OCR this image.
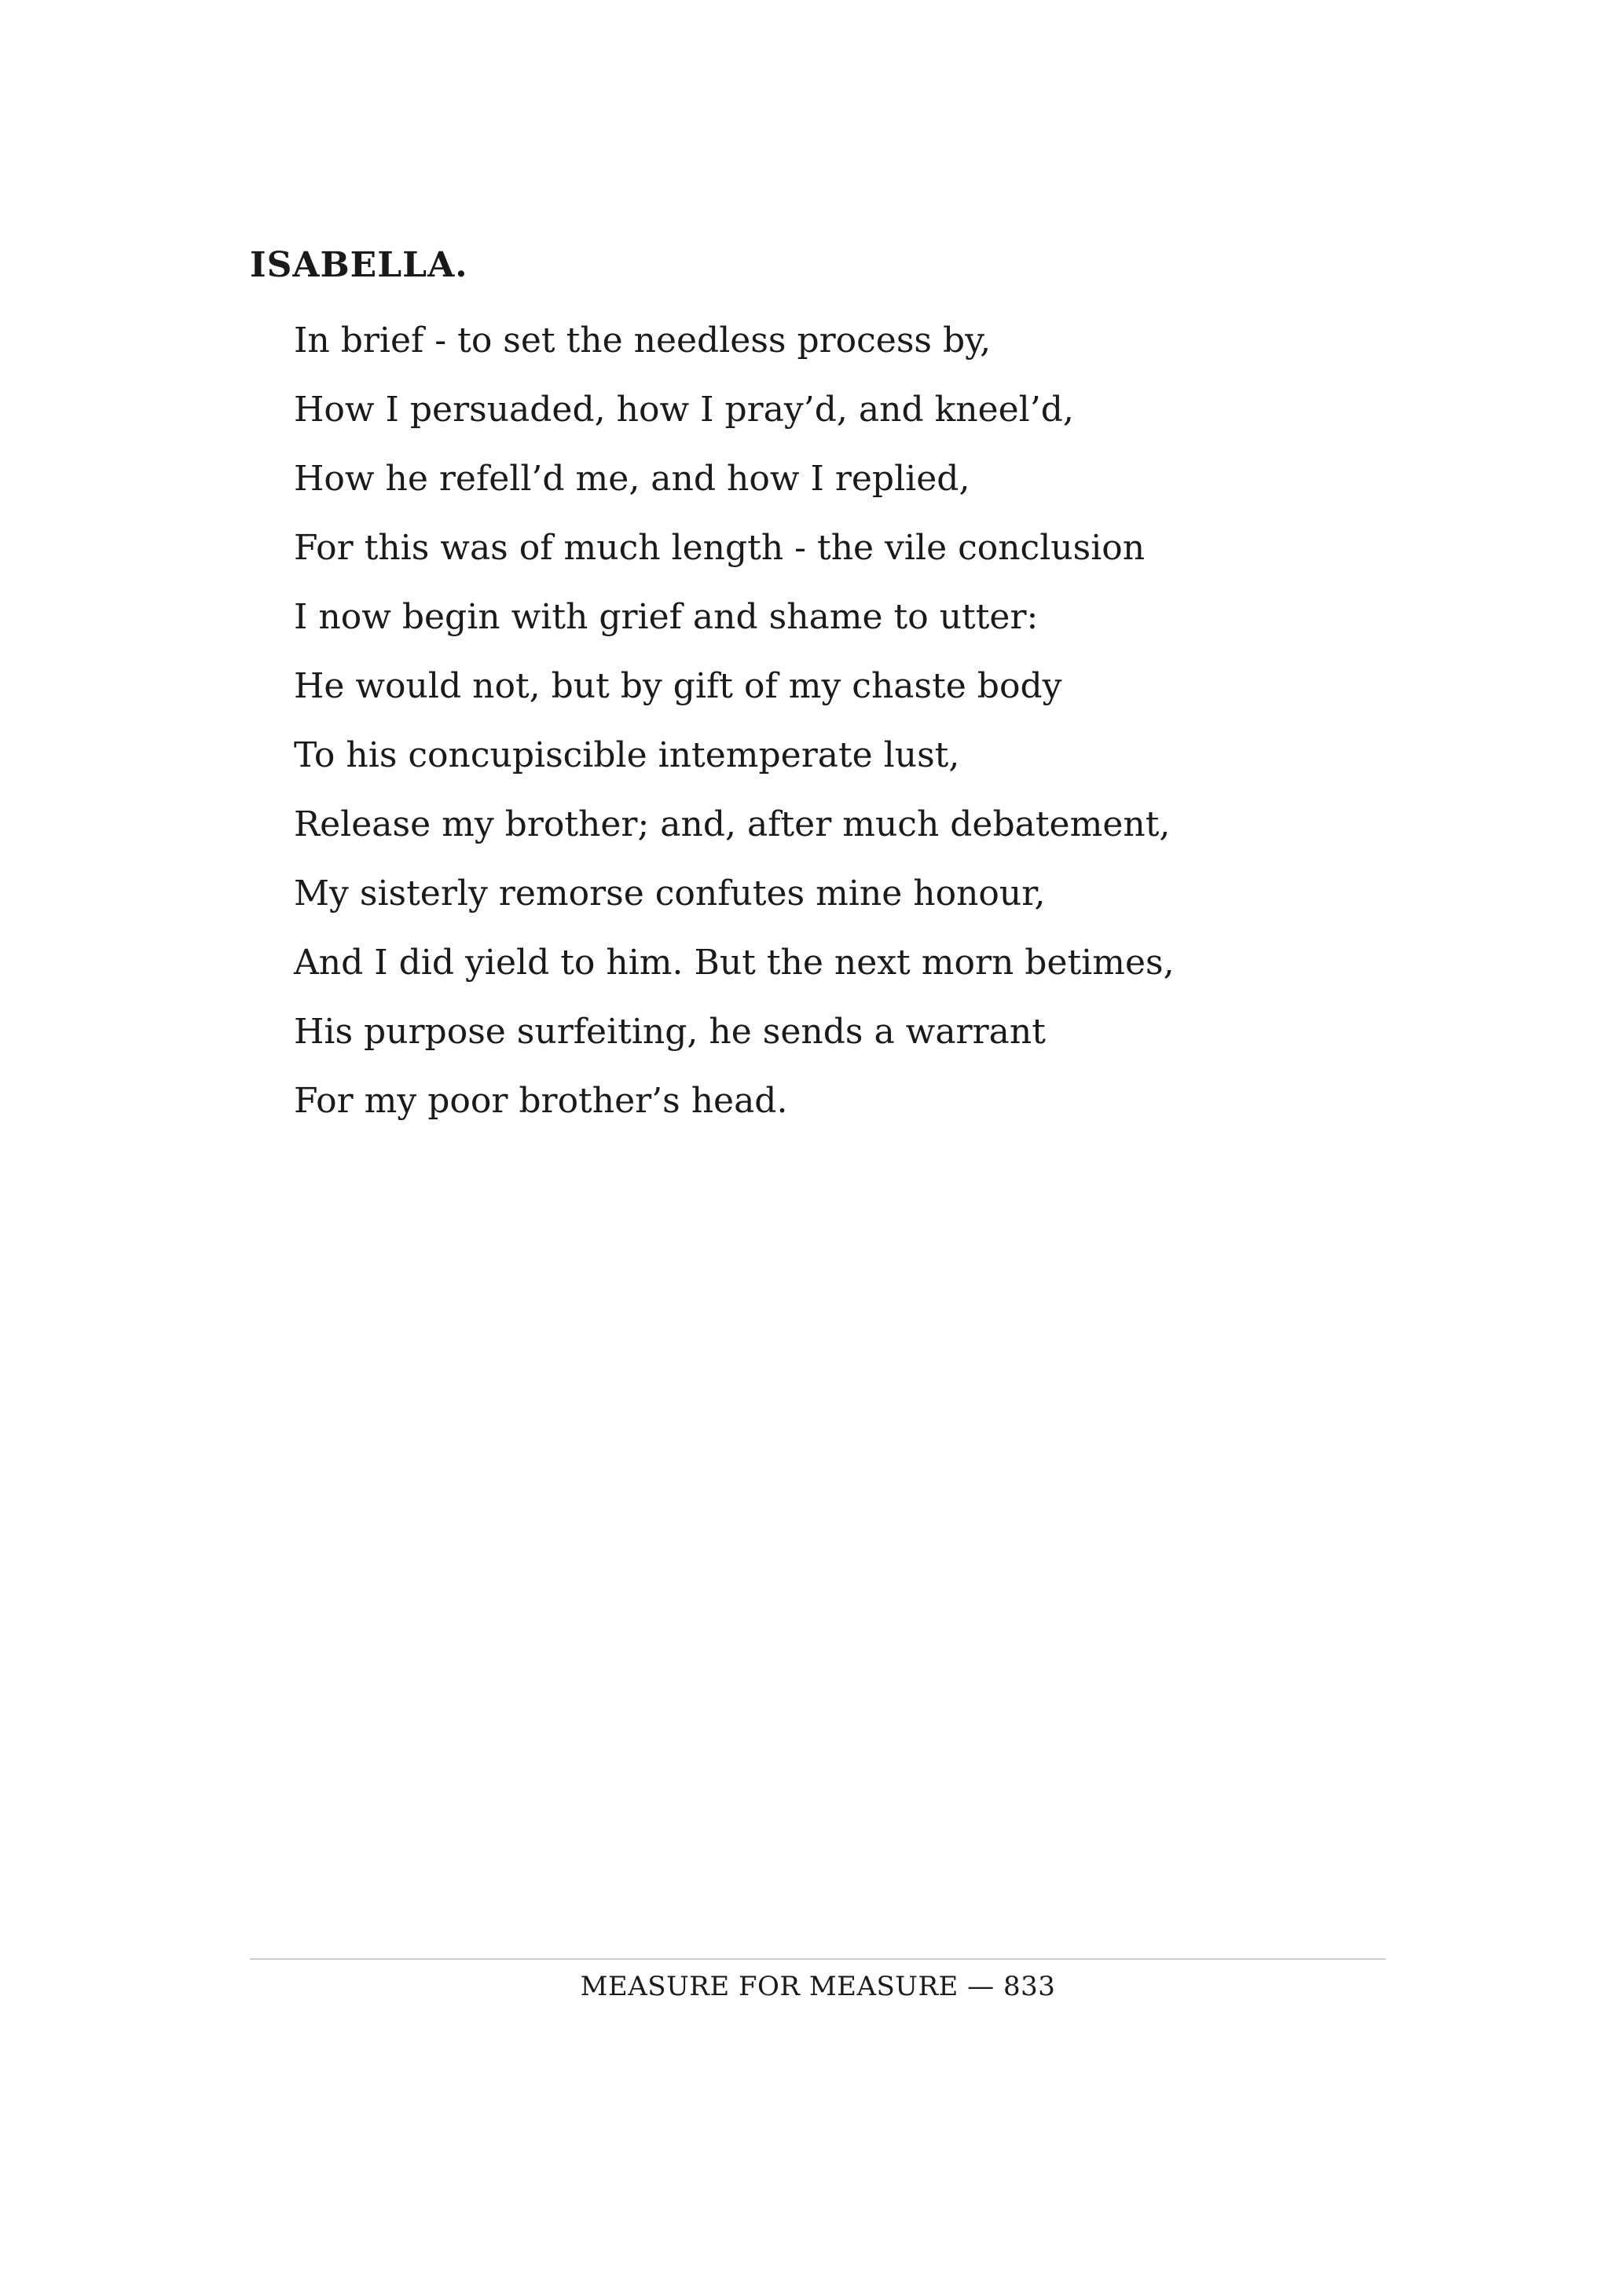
ISABELLA.
In brief - to set the needless process by,
How I persuaded, how I pray’d, and kneel’d,
How he refell’d me, and how I replied,
For this was of much length - the vile conclusion
I now begin with grief and shame to utter:
He would not, but by gift of my chaste body
To his concupiscible intemperate lust,
Release my brother; and, after much debatement,
My sisterly remorse confutes mine honour,
And I did yield to him. But the next morn betimes,
His purpose surfeiting, he sends a warrant
For my poor brother’s head.
MEASURE FOR MEASURE — 833
